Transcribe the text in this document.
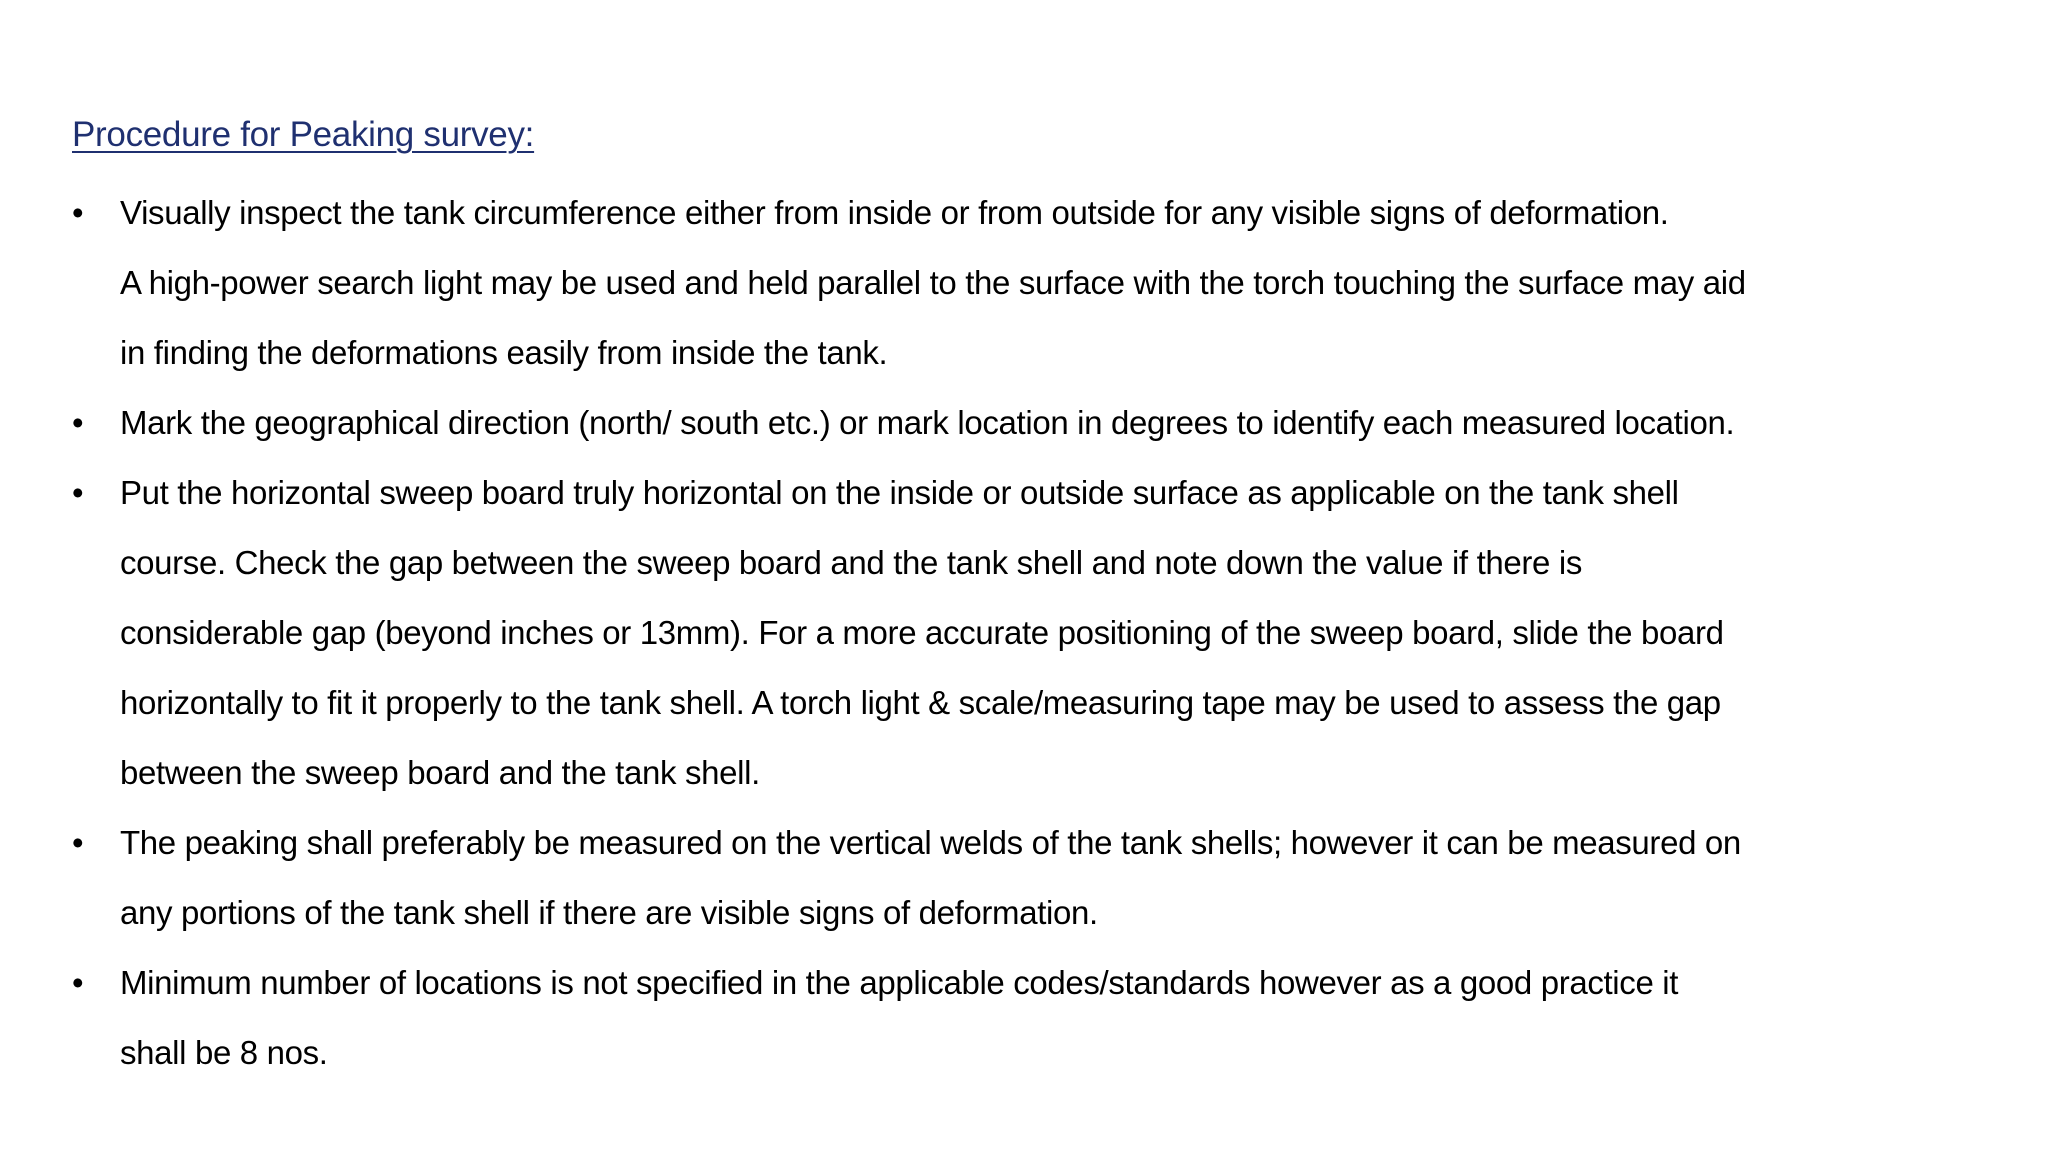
Procedure for Peaking survey:
• Visually inspect the tank circumference either from inside or from outside for any visible signs of deformation.
A high-power search light may be used and held parallel to the surface with the torch touching the surface may aid
in finding the deformations easily from inside the tank.
• Mark the geographical direction (north/ south etc.) or mark location in degrees to identify each measured location.
• Put the horizontal sweep board truly horizontal on the inside or outside surface as applicable on the tank shell
course. Check the gap between the sweep board and the tank shell and note down the value if there is
considerable gap (beyond inches or 13mm). For a more accurate positioning of the sweep board, slide the board
horizontally to fit it properly to the tank shell. A torch light & scale/measuring tape may be used to assess the gap
between the sweep board and the tank shell.
• The peaking shall preferably be measured on the vertical welds of the tank shells; however it can be measured on
any portions of the tank shell if there are visible signs of deformation.
• Minimum number of locations is not specified in the applicable codes/standards however as a good practice it
shall be 8 nos.
